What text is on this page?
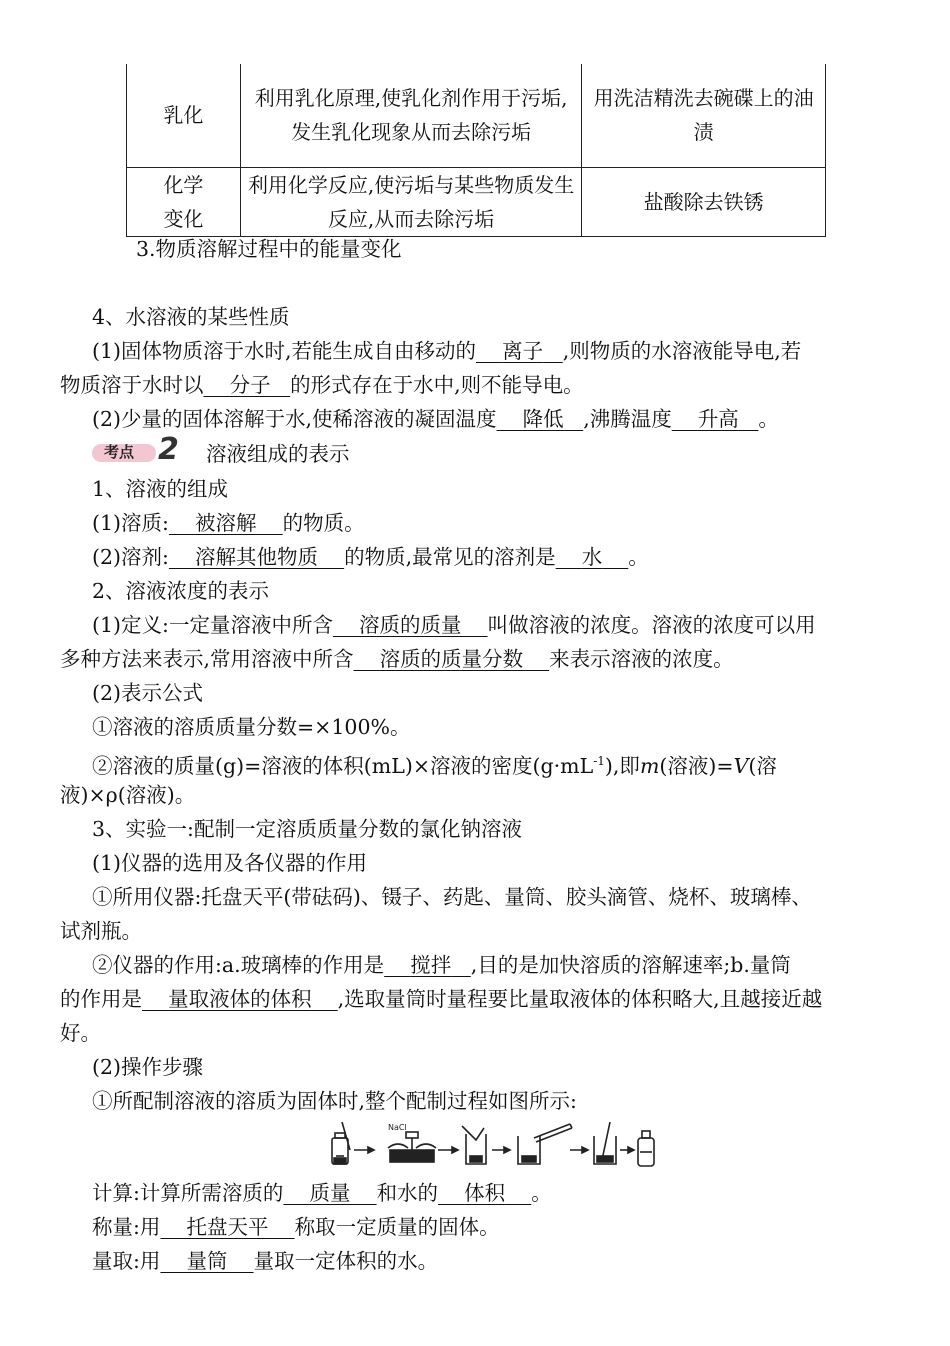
乳化	利用乳化原理,使乳化剂作用于污垢,发生乳化现象从而去除污垢	用洗洁精洗去碗碟上的油渍
化学变化	利用化学反应,使污垢与某些物质发生反应,从而去除污垢	盐酸除去铁锈
3.物质溶解过程中的能量变化
4、水溶液的某些性质
(1)固体物质溶于水时,若能生成自由移动的 离子 ,则物质的水溶液能导电,若
物质溶于水时以 分子 的形式存在于水中,则不能导电。
(2)少量的固体溶解于水,使稀溶液的凝固温度 降低 ,沸腾温度 升高 。
考点 2 溶液组成的表示
1、溶液的组成
(1)溶质: 被溶解 的物质。
(2)溶剂: 溶解其他物质 的物质,最常见的溶剂是 水 。
2、溶液浓度的表示
(1)定义:一定量溶液中所含 溶质的质量 叫做溶液的浓度。溶液的浓度可以用
多种方法来表示,常用溶液中所含 溶质的质量分数 来表示溶液的浓度。
(2)表示公式
①溶液的溶质质量分数=×100%。
②溶液的质量(g)=溶液的体积(mL)×溶液的密度$(g\cdot mL^{-1})$,即m(溶液)=V(溶
液)×ρ(溶液)。
3、实验一:配制一定溶质质量分数的氯化钠溶液
(1)仪器的选用及各仪器的作用
①所用仪器:托盘天平(带砝码)、镊子、药匙、量筒、胶头滴管、烧杯、玻璃棒、
试剂瓶。
②仪器的作用:a.玻璃棒的作用是 搅拌 ,目的是加快溶质的溶解速率;b.量筒
的作用是 量取液体的体积 ,选取量筒时量程要比量取液体的体积略大,且越接近越
好。
(2)操作步骤
①所配制溶液的溶质为固体时,整个配制过程如图所示:
NaCl
计算:计算所需溶质的 质量 和水的 体积 。
称量:用 托盘天平 称取一定质量的固体。
量取:用 量筒 量取一定体积的水。
